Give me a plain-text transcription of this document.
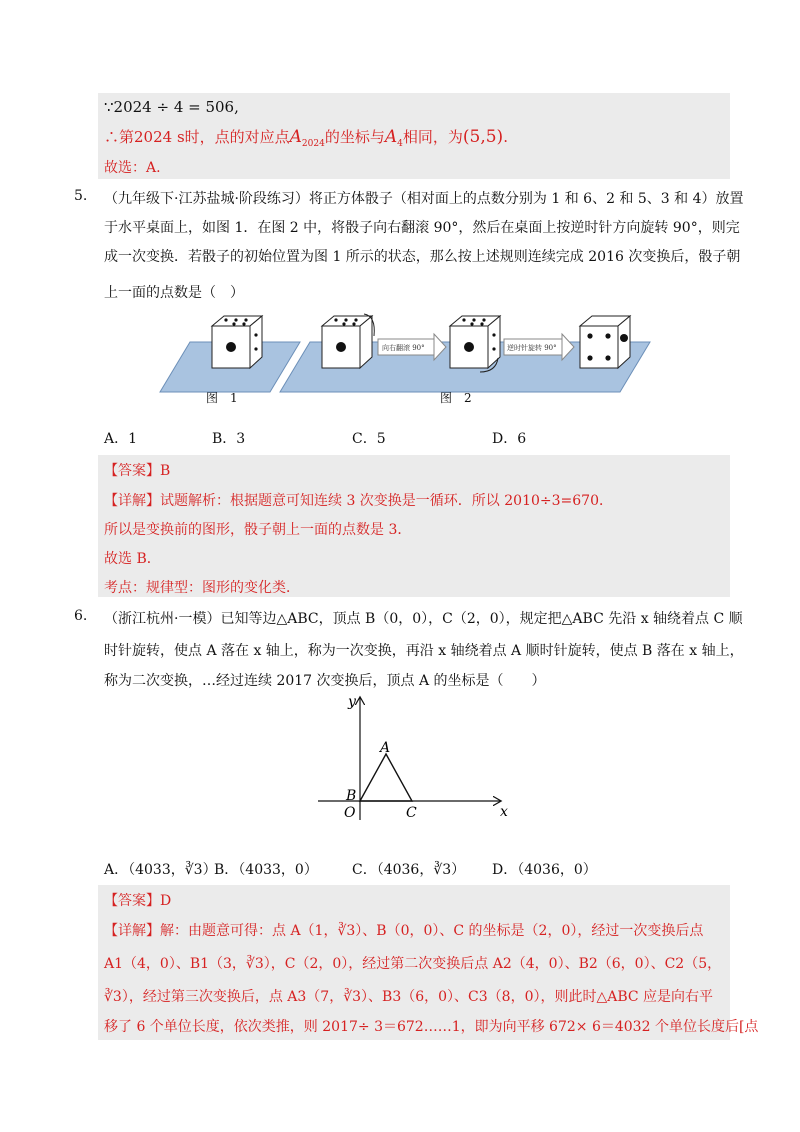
∵2024 ÷ 4 = 506,
∴第2024 s时，点的对应点$A_{2024}$的坐标与$A_4$相同，为(5,5).
故选：A.
5. （九年级下·江苏盐城·阶段练习）将正方体骰子（相对面上的点数分别为 1 和 6、2 和 5、3 和 4）放置
于水平桌面上，如图 1．在图 2 中，将骰子向右翻滚 90°，然后在桌面上按逆时针方向旋转 90°，则完
成一次变换．若骰子的初始位置为图 1 所示的状态，那么按上述规则连续完成 2016 次变换后，骰子朝
上一面的点数是（　）
向右翻滚 90°	逆时针旋转 90°
图　1	图　2
A．1	B．3	C．5	D．6
【答案】B
【详解】试题解析：根据题意可知连续 3 次变换是一循环．所以 2010÷3=670．
所以是变换前的图形，骰子朝上一面的点数是 3．
故选 B．
考点：规律型：图形的变化类．
6. （浙江杭州·一模）已知等边△ABC，顶点 B（0，0），C（2，0），规定把△ABC 先沿 x 轴绕着点 C 顺
时针旋转，使点 A 落在 x 轴上，称为一次变换，再沿 x 轴绕着点 A 顺时针旋转，使点 B 落在 x 轴上，
称为二次变换，…经过连续 2017 次变换后，顶点 A 的坐标是（　　）
y
x
A
B
O	C
A．（4033，∛3）
B．（4033，0） C．（4036，∛3） D．（4036，0）
【答案】D
【详解】解：由题意可得：点 A（1，∛3）、B（0，0）、C 的坐标是（2，0），经过一次变换后点
A1（4，0）、B1（3，∛3），C（2，0），经过第二次变换后点 A2（4，0）、B2（6，0）、C2（5，
∛3），经过第三次变换后，点 A3（7，∛3）、B3（6，0）、C3（8，0），则此时△ABC 应是向右平
移了 6 个单位长度，依次类推，则 2017÷ 3＝672……1，即为向平移 672× 6＝4032 个单位长度后[点
